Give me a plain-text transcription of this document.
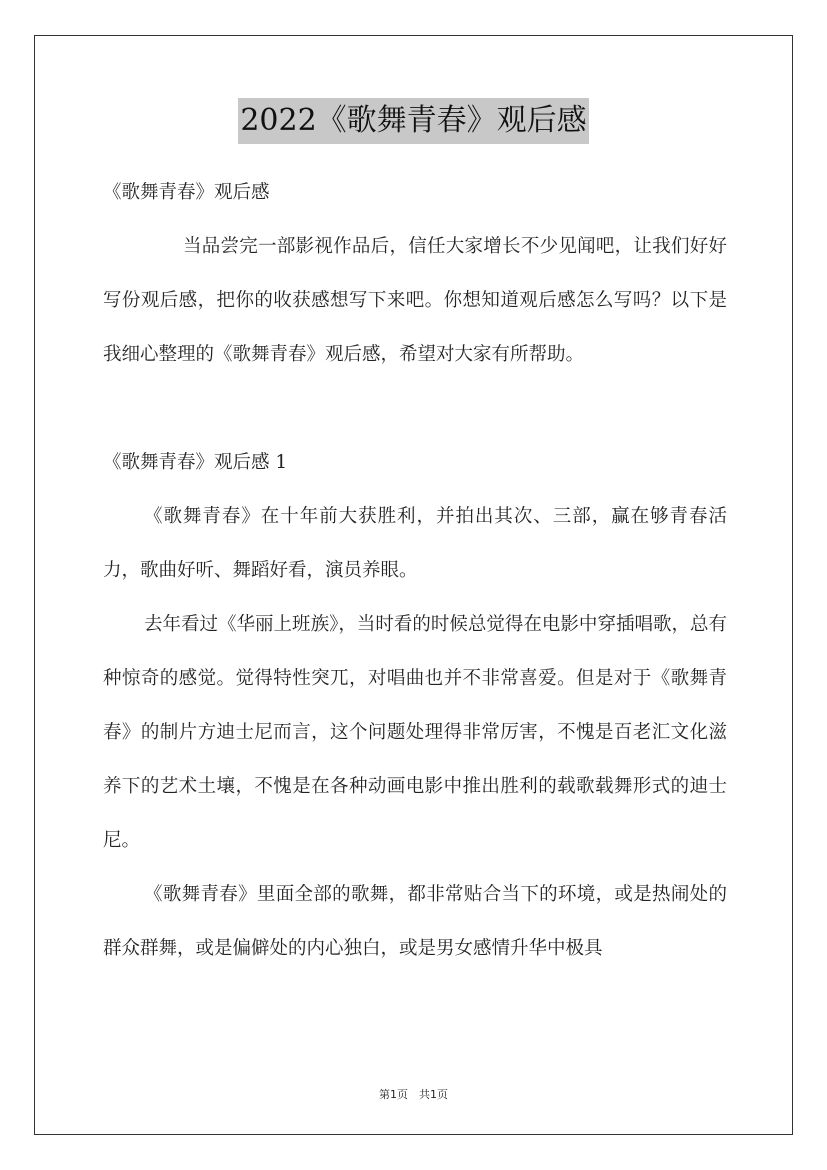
2022《歌舞青春》观后感

《歌舞青春》观后感

当品尝完一部影视作品后，信任大家增长不少见闻吧，让我们好好写份观后感，把你的收获感想写下来吧。你想知道观后感怎么写吗？以下是我细心整理的《歌舞青春》观后感，希望对大家有所帮助。

《歌舞青春》观后感 1

《歌舞青春》在十年前大获胜利，并拍出其次、三部，赢在够青春活力，歌曲好听、舞蹈好看，演员养眼。

去年看过《华丽上班族》，当时看的时候总觉得在电影中穿插唱歌，总有种惊奇的感觉。觉得特性突兀，对唱曲也并不非常喜爱。但是对于《歌舞青春》的制片方迪士尼而言，这个问题处理得非常厉害，不愧是百老汇文化滋养下的艺术土壤，不愧是在各种动画电影中推出胜利的载歌载舞形式的迪士尼。

《歌舞青春》里面全部的歌舞，都非常贴合当下的环境，或是热闹处的群众群舞，或是偏僻处的内心独白，或是男女感情升华中极具

第1页　共1页
